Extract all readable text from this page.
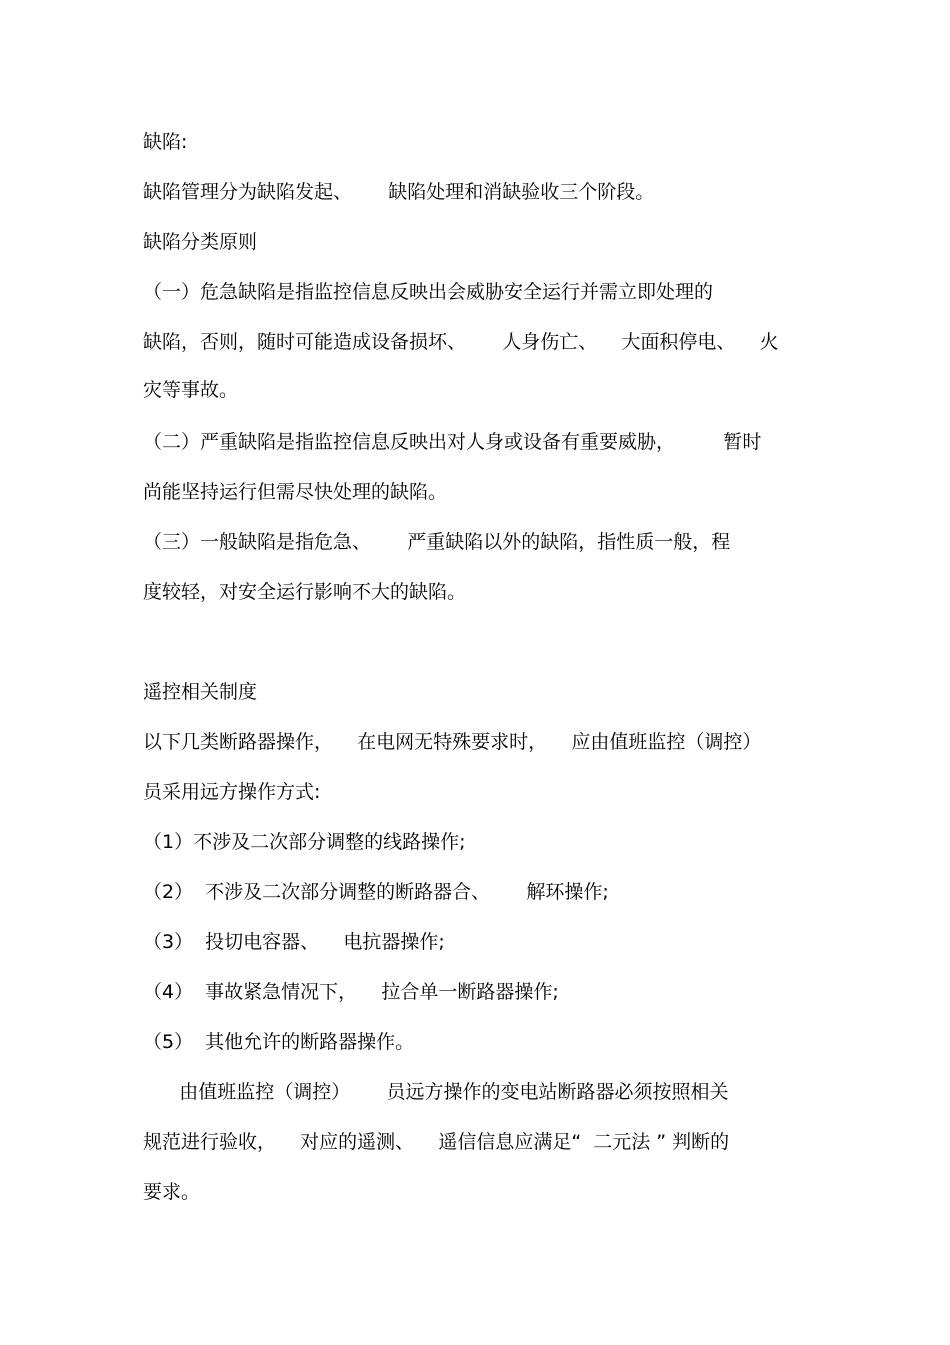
缺陷:

缺陷管理分为缺陷发起、      缺陷处理和消缺验收三个阶段。

缺陷分类原则

（一）危急缺陷是指监控信息反映出会威胁安全运行并需立即处理的

缺陷，否则，随时可能造成设备损坏、      人身伤亡、    大面积停电、    火

灾等事故。

（二）严重缺陷是指监控信息反映出对人身或设备有重要威胁，        暂时

尚能坚持运行但需尽快处理的缺陷。

（三）一般缺陷是指危急、      严重缺陷以外的缺陷，指性质一般，程

度较轻，对安全运行影响不大的缺陷。

遥控相关制度

以下几类断路器操作，    在电网无特殊要求时，    应由值班监控（调控）

员采用远方操作方式:

（1）不涉及二次部分调整的线路操作;

（2）  不涉及二次部分调整的断路器合、      解环操作;

（3）  投切电容器、    电抗器操作;

（4）  事故紧急情况下，    拉合单一断路器操作;

（5）  其他允许的断路器操作。

由值班监控（调控）      员远方操作的变电站断路器必须按照相关

规范进行验收，    对应的遥测、    遥信信息应满足“  二元法 ” 判断的

要求。
